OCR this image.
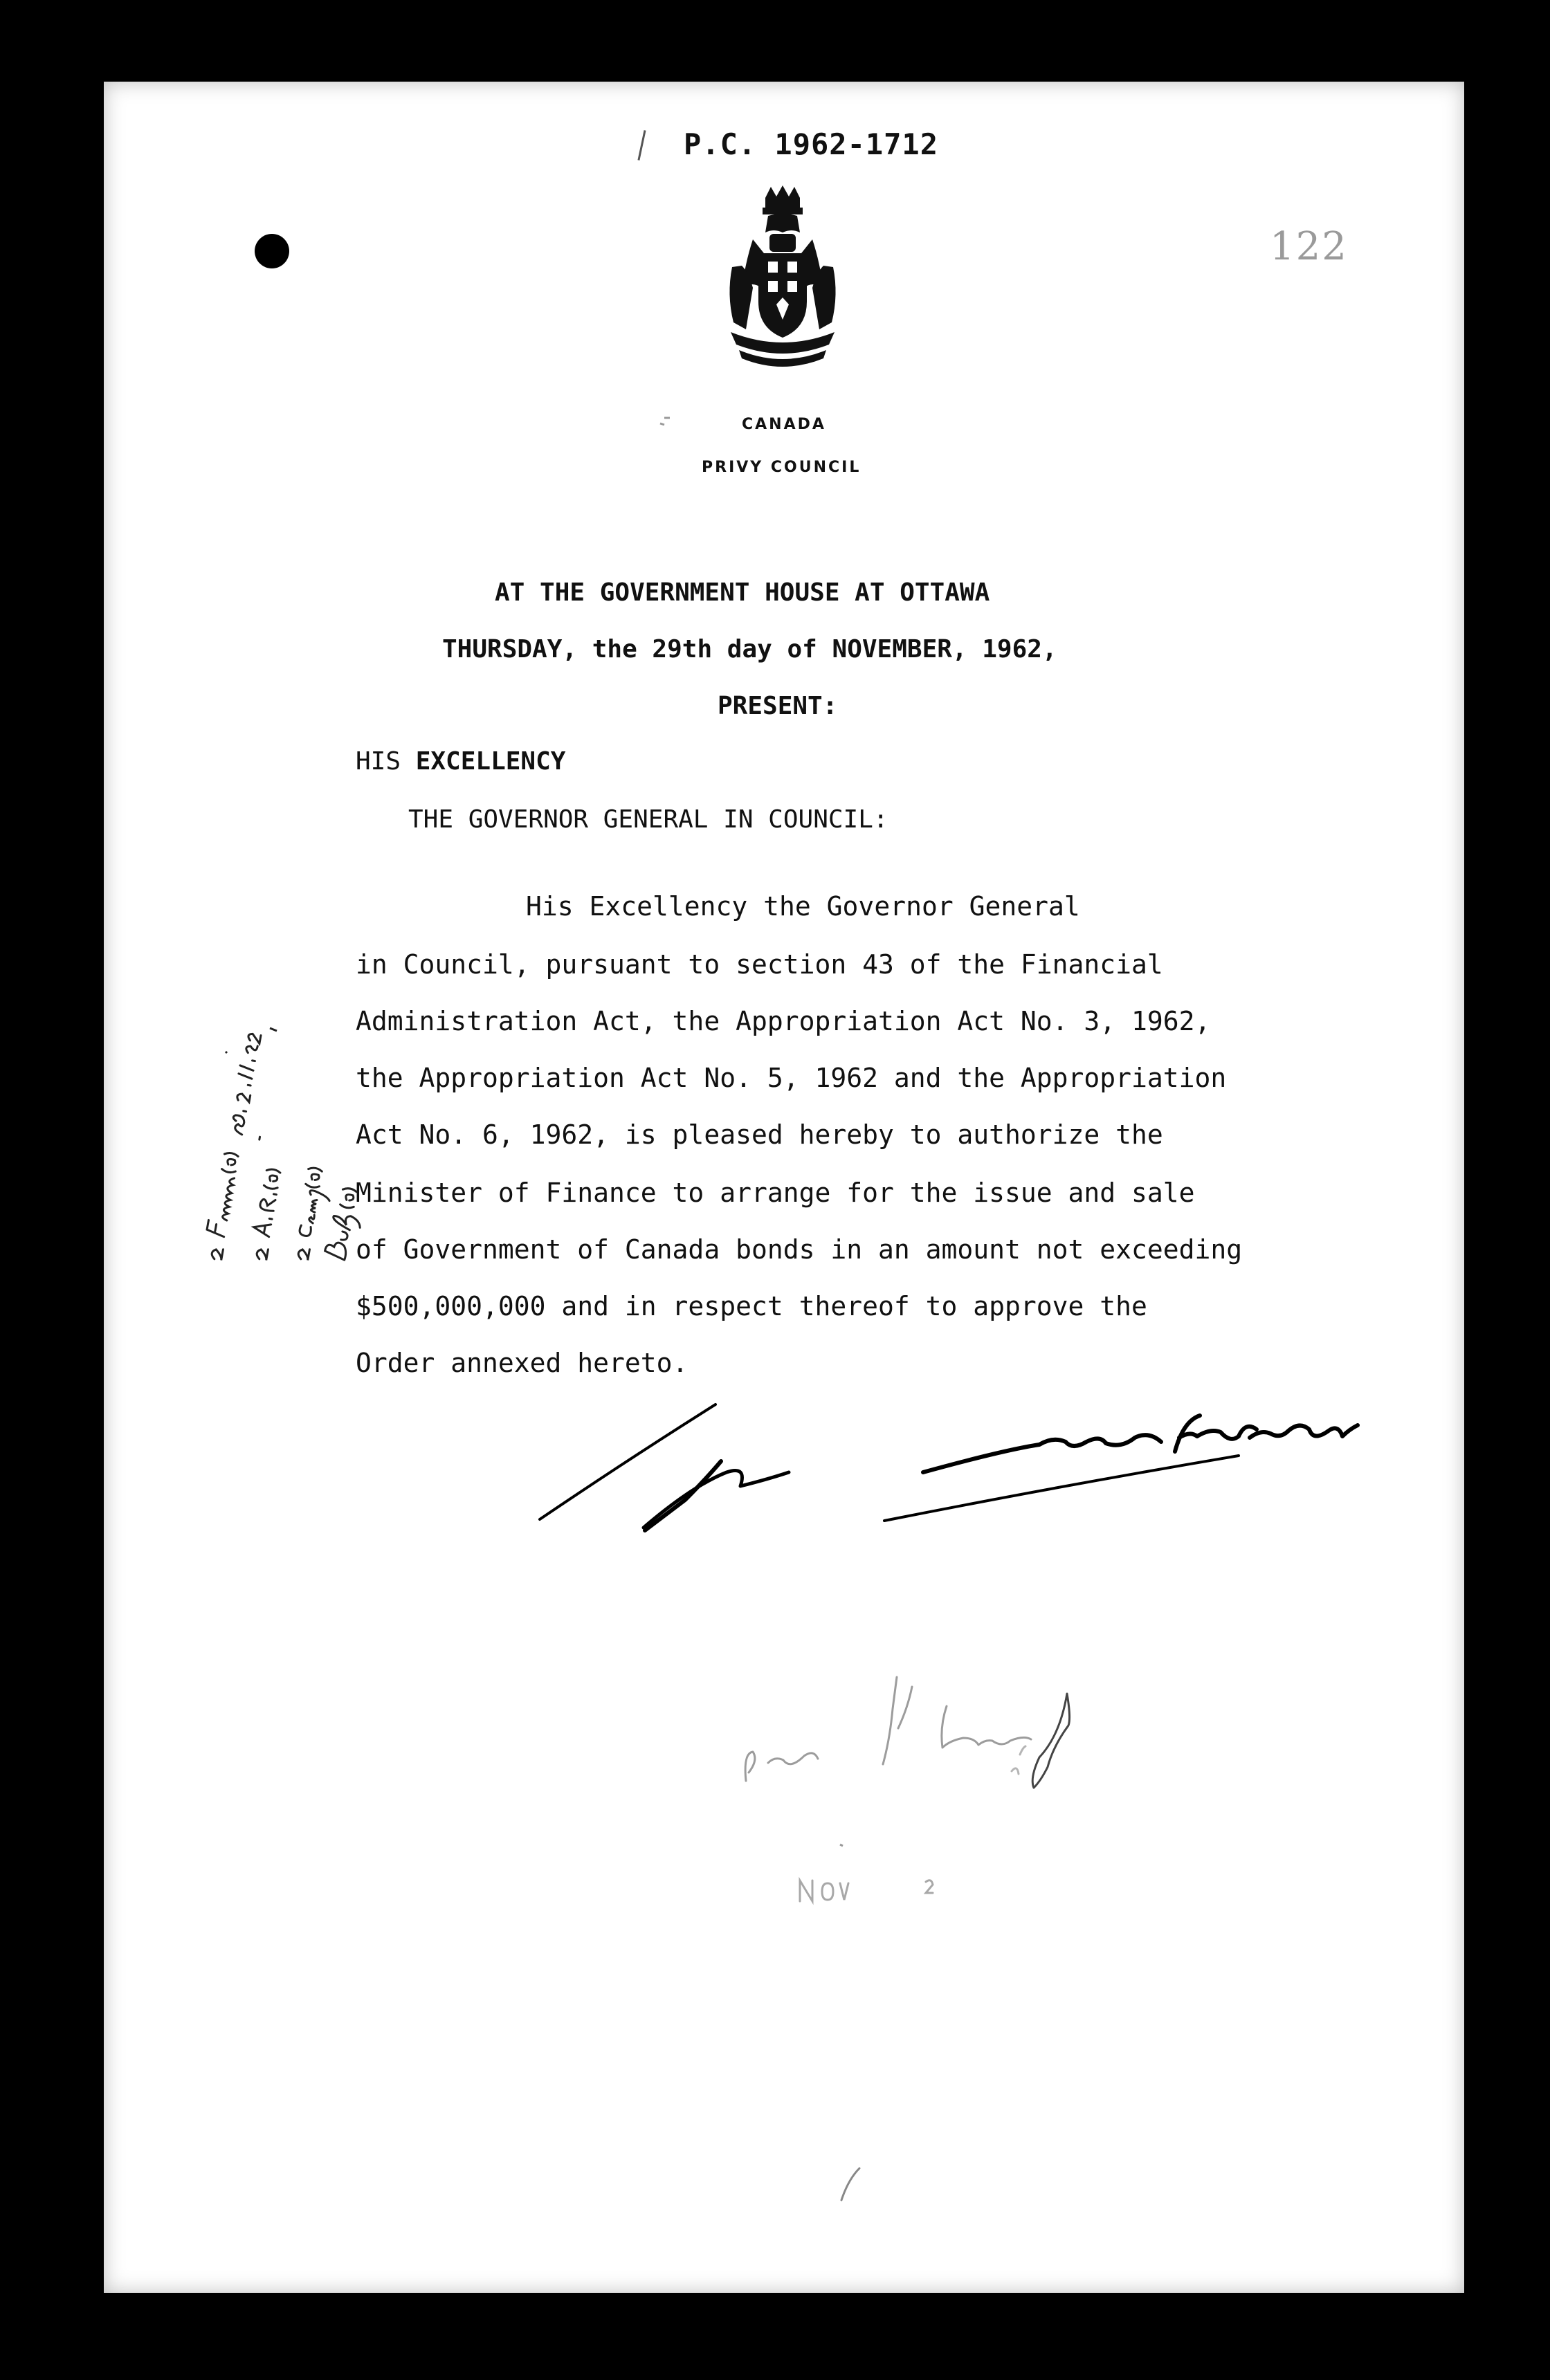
P.C. 1962-1712
122
CANADA
PRIVY COUNCIL
AT THE GOVERNMENT HOUSE AT OTTAWA
THURSDAY, the 29th day of NOVEMBER, 1962,
PRESENT:
HIS EXCELLENCY
THE GOVERNOR GENERAL IN COUNCIL:
His Excellency the Governor General
in Council, pursuant to section 43 of the Financial
Administration Act, the Appropriation Act No. 3, 1962,
the Appropriation Act No. 5, 1962 and the Appropriation
Act No. 6, 1962, is pleased hereby to authorize the
Minister of Finance to arrange for the issue and sale
of Government of Canada bonds in an amount not exceeding
$500,000,000 and in respect thereof to approve the
Order annexed hereto.
